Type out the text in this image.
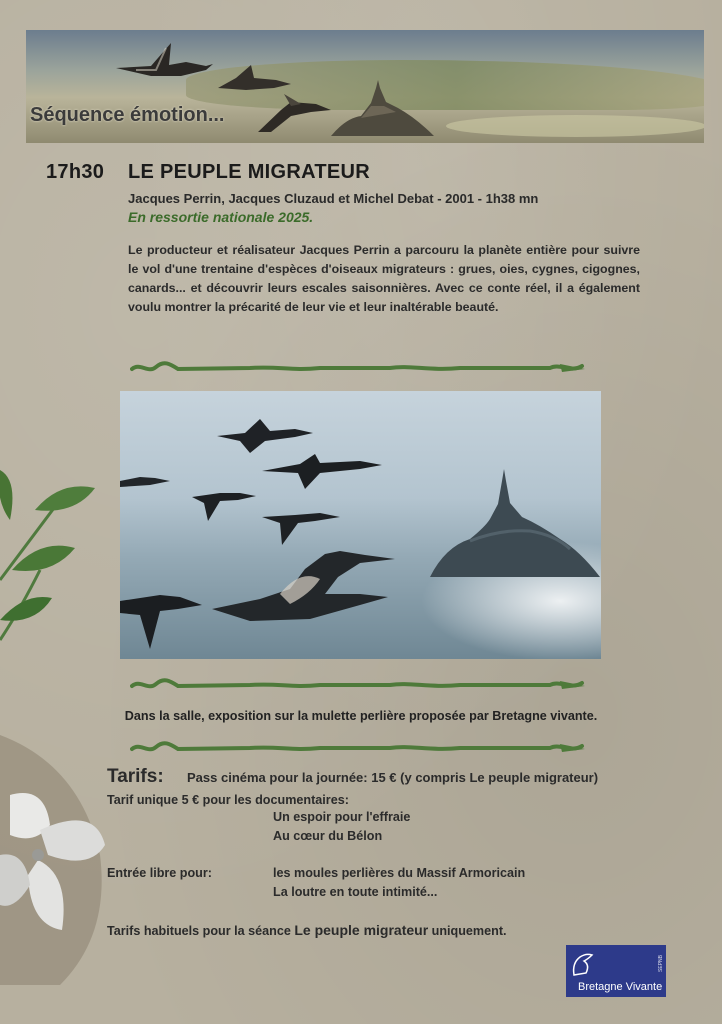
Séquence émotion...
17h30 LE PEUPLE MIGRATEUR
Jacques Perrin, Jacques Cluzaud et Michel Debat - 2001 - 1h38 mn
En ressortie nationale 2025.
Le producteur et réalisateur Jacques Perrin a parcouru la planète entière pour suivre le vol d'une trentaine d'espèces d'oiseaux migrateurs : grues, oies, cygnes, cigognes, canards... et découvrir leurs escales saisonnières. Avec ce conte réel, il a également voulu montrer la précarité de leur vie et leur inaltérable beauté.
Dans la salle, exposition sur la mulette perlière proposée par Bretagne vivante.
Tarifs: Pass cinéma pour la journée: 15 € (y compris Le peuple migrateur)
Tarif unique 5 € pour les documentaires:
Un espoir pour l'effraie
Au cœur du Bélon
Entrée libre pour:	les moules perlières du Massif Armoricain
La loutre en toute intimité...
Tarifs habituels pour la séance Le peuple migrateur uniquement.
Bretagne Vivante
SEPNB
